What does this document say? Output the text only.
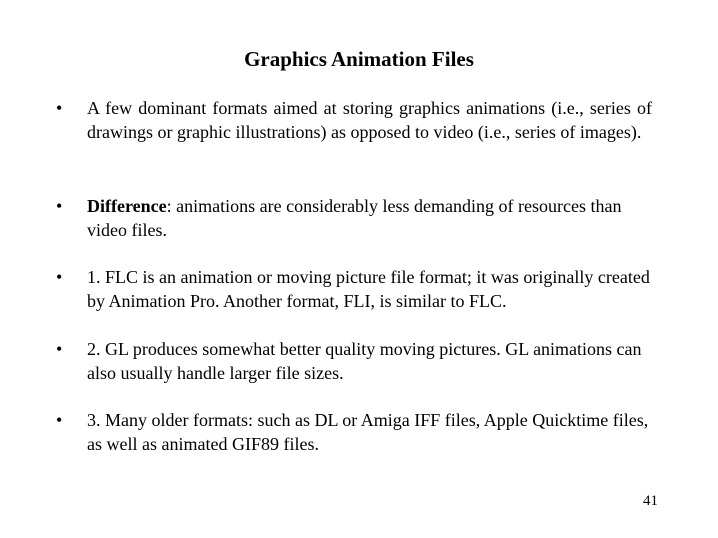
Graphics Animation Files
•	A few dominant formats aimed at storing graphics animations (i.e., series of drawings or graphic illustrations) as opposed to video (i.e., series of images).
•	Difference: animations are considerably less demanding of resources than video files.
•	1. FLC is an animation or moving picture file format; it was originally created by Animation Pro. Another format, FLI, is similar to FLC.
•	2. GL produces somewhat better quality moving pictures. GL animations can also usually handle larger file sizes.
•	3. Many older formats: such as DL or Amiga IFF files, Apple Quicktime files, as well as animated GIF89 files.
41
